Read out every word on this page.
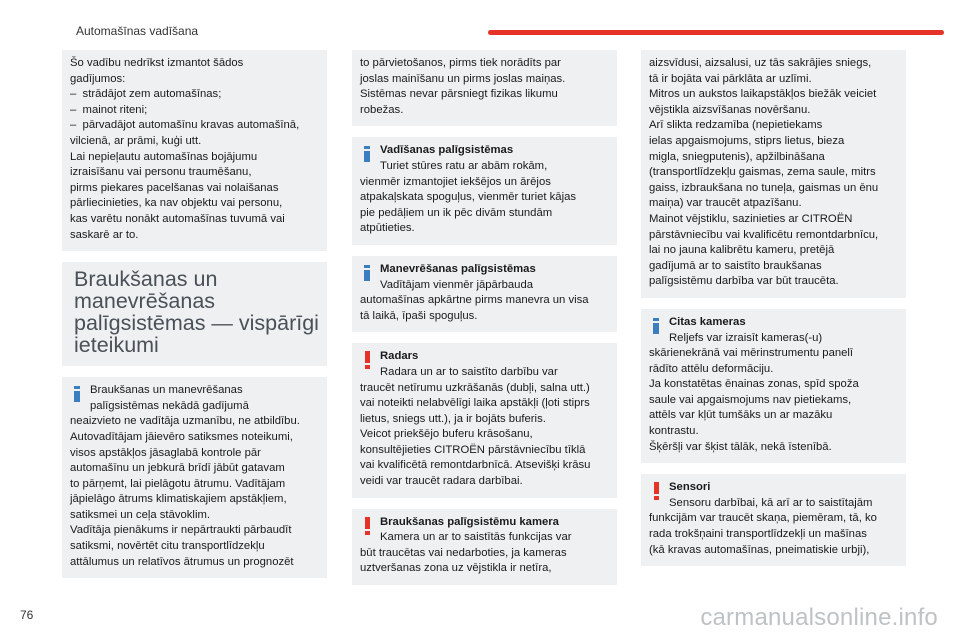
Automašīnas vadīšana
Šo vadību nedrīkst izmantot šādos
gadījumos:
–  strādājot zem automašīnas;
–  mainot riteni;
–  pārvadājot automašīnu kravas automašīnā,
vilcienā, ar prāmi, kuģi utt.
Lai nepieļautu automašīnas bojājumu
izraisīšanu vai personu traumēšanu,
pirms piekares pacelšanas vai nolaišanas
pārliecinieties, ka nav objektu vai personu,
kas varētu nonākt automašīnas tuvumā vai
saskarē ar to.
Braukšanas un
manevrēšanas
palīgsistēmas — vispārīgi
ieteikumi
Braukšanas un manevrēšanas
palīgsistēmas nekādā gadījumā
neaizvieto ne vadītāja uzmanību, ne atbildību.
Autovadītājam jāievēro satiksmes noteikumi,
visos apstākļos jāsaglabā kontrole pār
automašīnu un jebkurā brīdī jābūt gatavam
to pārņemt, lai pielāgotu ātrumu. Vadītājam
jāpielāgo ātrums klimatiskajiem apstākļiem,
satiksmei un ceļa stāvoklim.
Vadītāja pienākums ir nepārtraukti pārbaudīt
satiksmi, novērtēt citu transportlīdzekļu
attālumus un relatīvos ātrumus un prognozēt
to pārvietošanos, pirms tiek norādīts par
joslas mainīšanu un pirms joslas maiņas.
Sistēmas nevar pārsniegt fizikas likumu
robežas.
Vadīšanas palīgsistēmas
Turiet stūres ratu ar abām rokām,
vienmēr izmantojiet iekšējos un ārējos
atpakaļskata spoguļus, vienmēr turiet kājas
pie pedāļiem un ik pēc divām stundām
atpūtieties.
Manevrēšanas palīgsistēmas
Vadītājam vienmēr jāpārbauda
automašīnas apkārtne pirms manevra un visa
tā laikā, īpaši spoguļus.
Radars
Radara un ar to saistīto darbību var
traucēt netīrumu uzkrāšanās (dubļi, salna utt.)
vai noteikti nelabvēlīgi laika apstākļi (ļoti stiprs
lietus, sniegs utt.), ja ir bojāts buferis.
Veicot priekšējo buferu krāsošanu,
konsultējieties CITROËN pārstāvniecību tīklā
vai kvalificētā remontdarbnīcā. Atsevišķi krāsu
veidi var traucēt radara darbībai.
Braukšanas palīgsistēmu kamera
Kamera un ar to saistītās funkcijas var
būt traucētas vai nedarboties, ja kameras
uztveršanas zona uz vējstikla ir netīra,
aizsvīdusi, aizsalusi, uz tās sakrājies sniegs,
tā ir bojāta vai pārklāta ar uzlīmi.
Mitros un aukstos laikapstākļos biežāk veiciet
vējstikla aizsvīšanas novēršanu.
Arī slikta redzamība (nepietiekams
ielas apgaismojums, stiprs lietus, bieza
migla, sniegputenis), apžilbināšana
(transportlīdzekļu gaismas, zema saule, mitrs
gaiss, izbraukšana no tuneļa, gaismas un ēnu
maiņa) var traucēt atpazīšanu.
Mainot vējstiklu, sazinieties ar CITROËN
pārstāvniecību vai kvalificētu remontdarbnīcu,
lai no jauna kalibrētu kameru, pretējā
gadījumā ar to saistīto braukšanas
palīgsistēmu darbība var būt traucēta.
Citas kameras
Reljefs var izraisīt kameras(-u)
skārienekrānā vai mērinstrumentu panelī
rādīto attēlu deformāciju.
Ja konstatētas ēnainas zonas, spīd spoža
saule vai apgaismojums nav pietiekams,
attēls var kļūt tumšāks un ar mazāku
kontrastu.
Šķēršļi var šķist tālāk, nekā īstenībā.
Sensori
Sensoru darbībai, kā arī ar to saistītajām
funkcijām var traucēt skaņa, piemēram, tā, ko
rada trokšņaini transportlīdzekļi un mašīnas
(kā kravas automašīnas, pneimatiskie urbji),
76	carmanualsonline.info
